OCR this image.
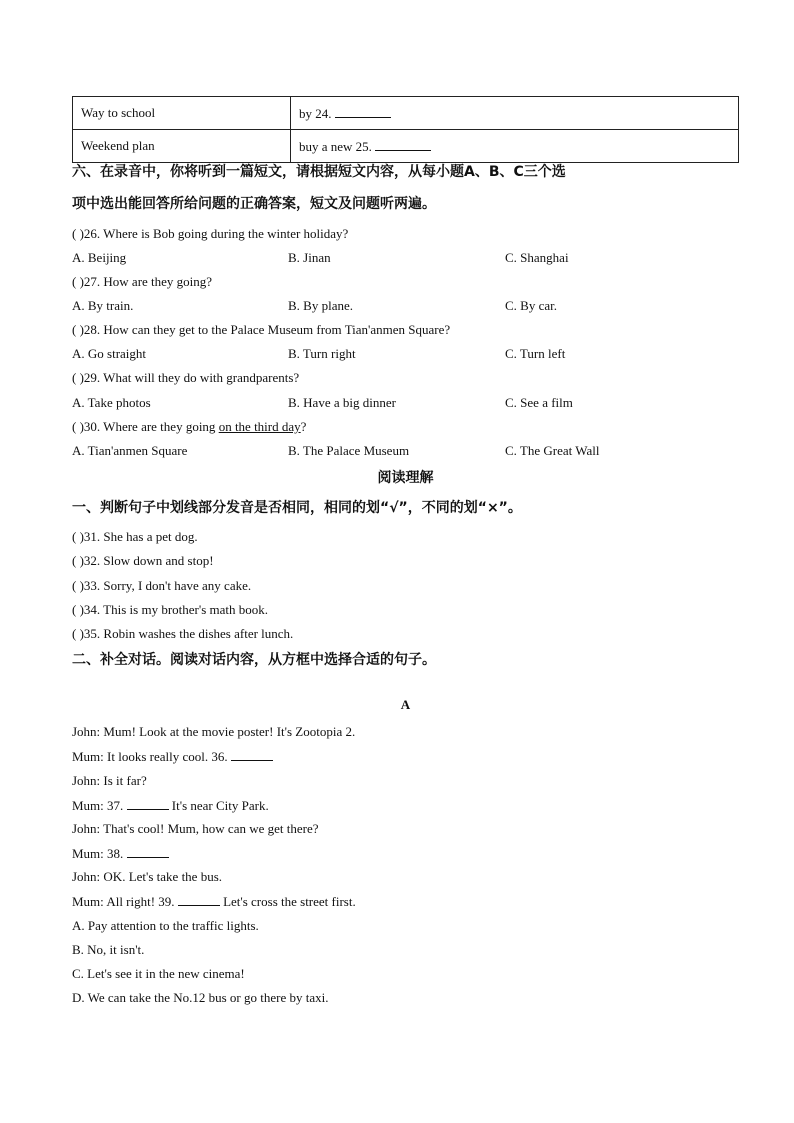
Way to school	by 24.
Weekend plan	buy a new 25.

六、在录音中，你将听到一篇短文，请根据短文内容，从每小题A、B、C三个选

项中选出能回答所给问题的正确答案，短文及问题听两遍。

( )26. Where is Bob going during the winter holiday?
A. Beijing	B. Jinan	C. Shanghai
( )27. How are they going?
A. By train.	B. By plane.	C. By car.
( )28. How can they get to the Palace Museum from Tian'anmen Square?
A. Go straight	B. Turn right	C. Turn left
( )29. What will they do with grandparents?
A. Take photos	B. Have a big dinner	C. See a film
( )30. Where are they going on the third day?
A. Tian'anmen Square	B. The Palace Museum	C. The Great Wall
阅读理解

一、判断句子中划线部分发音是否相同，相同的划“√”，不同的划“×”。

( )31. She has a pet dog.
( )32. Slow down and stop!
( )33. Sorry, I don't have any cake.
( )34. This is my brother's math book.
( )35. Robin washes the dishes after lunch.

二、补全对话。阅读对话内容，从方框中选择合适的句子。

A
John: Mum! Look at the movie poster! It's Zootopia 2.
Mum: It looks really cool. 36.
John: Is it far?
Mum: 37.	It's near City Park.
John: That's cool! Mum, how can we get there?
Mum: 38.
John: OK. Let's take the bus.
Mum: All right! 39.	Let's cross the street first.
A. Pay attention to the traffic lights.
B. No, it isn't.
C. Let's see it in the new cinema!
D. We can take the No.12 bus or go there by taxi.
